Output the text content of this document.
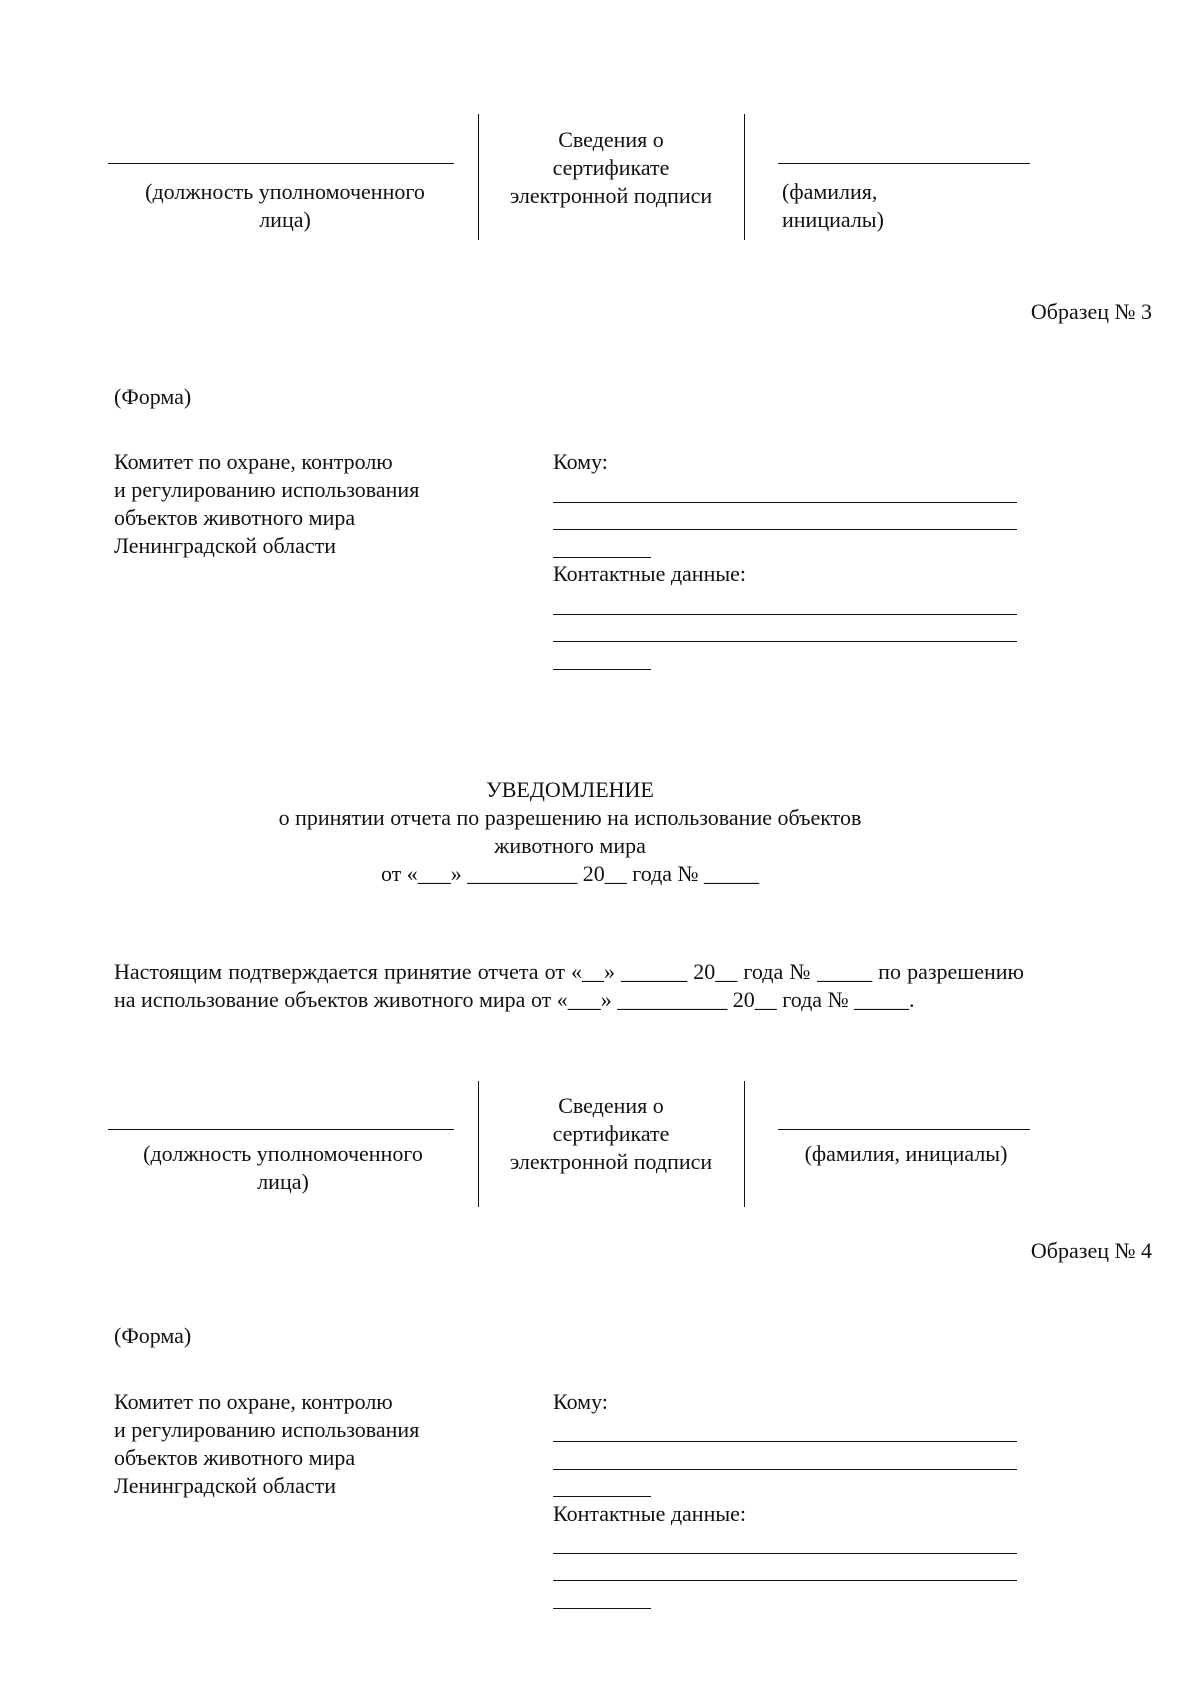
(должность уполномоченного лица)
Сведения о
сертификате
электронной подписи	(фамилия, инициалы)
Образец № 3
(Форма)
Комитет по охране, контролю
и регулированию использования
объектов животного мира
Ленинградской области
Кому:
Контактные данные:
УВЕДОМЛЕНИЕ
о принятии отчета по разрешению на использование объектов
животного мира
от «___» __________ 20__ года № _____
Настоящим подтверждается принятие отчета от «__» ______ 20__ года № _____ по разрешению на использование объектов животного мира от «___» __________ 20__ года № _____.
(должность уполномоченного лица)
Сведения о
сертификате
электронной подписи	(фамилия, инициалы)
Образец № 4
(Форма)
Комитет по охране, контролю
и регулированию использования
объектов животного мира
Ленинградской области
Кому:
Контактные данные:
